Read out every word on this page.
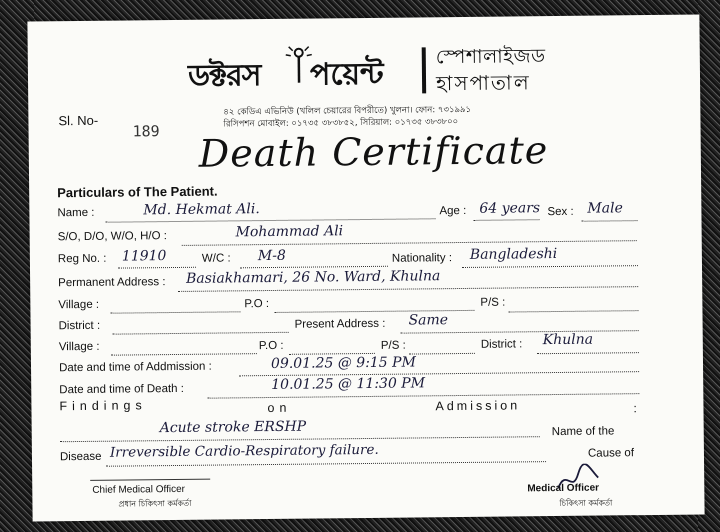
ডক্টরস পয়েন্ট
স্পেশালাইজড
হাসপাতাল
৪২ কেডিএ এভিনিউ (খলিল চেয়ারের বিপরীতে) খুলনা। ফোন: ৭৩১৯৯১
রিসিপশন মোবাইল: ০১৭৩৫ ৩৮৩৮৫২, সিরিয়াল: ০১৭৩৫ ৩৮৩৮০০
Sl. No-
189 Death Certificate
Particulars of The Patient.
Name :	Md. Hekmat Ali.	Age : 64 years Sex : Male
S/O, D/O, W/O, H/O :	Mohammad Ali
Reg No. : 11910	W/C : M-8	Nationality : Bangladeshi
Permanent Address : Basiakhamari, 26 No. Ward, Khulna
Village :	P.O :	P/S :
District :	Present Address : Same
Village :	P.O :	P/S :	District : Khulna
Date and time of Addmission :	09.01.25 @ 9:15 PM
Date and time of Death :	10.01.25 @ 11:30 PM
Findings	on	Admission	:
Acute stroke ERSHP	Name of the
Disease Irreversible Cardio-Respiratory failure.	Cause of
Chief Medical Officer
প্রধান চিকিৎসা কর্মকর্তা
Medical Officer
চিকিৎসা কর্মকর্তা
